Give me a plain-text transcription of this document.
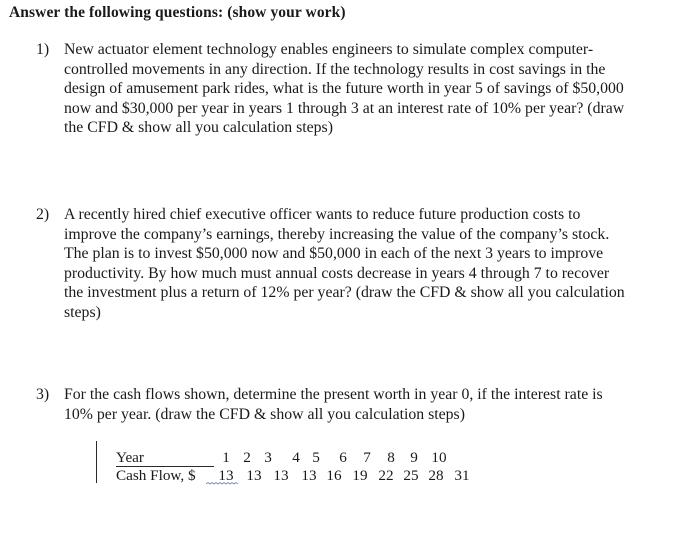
Answer the following questions: (show your work)
1) New actuator element technology enables engineers to simulate complex computer-
controlled movements in any direction. If the technology results in cost savings in the
design of amusement park rides, what is the future worth in year 5 of savings of $50,000
now and $30,000 per year in years 1 through 3 at an interest rate of 10% per year? (draw
the CFD & show all you calculation steps)
2) A recently hired chief executive officer wants to reduce future production costs to
improve the company’s earnings, thereby increasing the value of the company’s stock.
The plan is to invest $50,000 now and $50,000 in each of the next 3 years to improve
productivity. By how much must annual costs decrease in years 4 through 7 to recover
the investment plus a return of 12% per year? (draw the CFD & show all you calculation
steps)
3) For the cash flows shown, determine the present worth in year 0, if the interest rate is
10% per year. (draw the CFD & show all you calculation steps)
Year	1 2 3	4 5	6	7	8	9 10
Cash Flow, $ 13 13 13 13 16 19 22 25 28 31
